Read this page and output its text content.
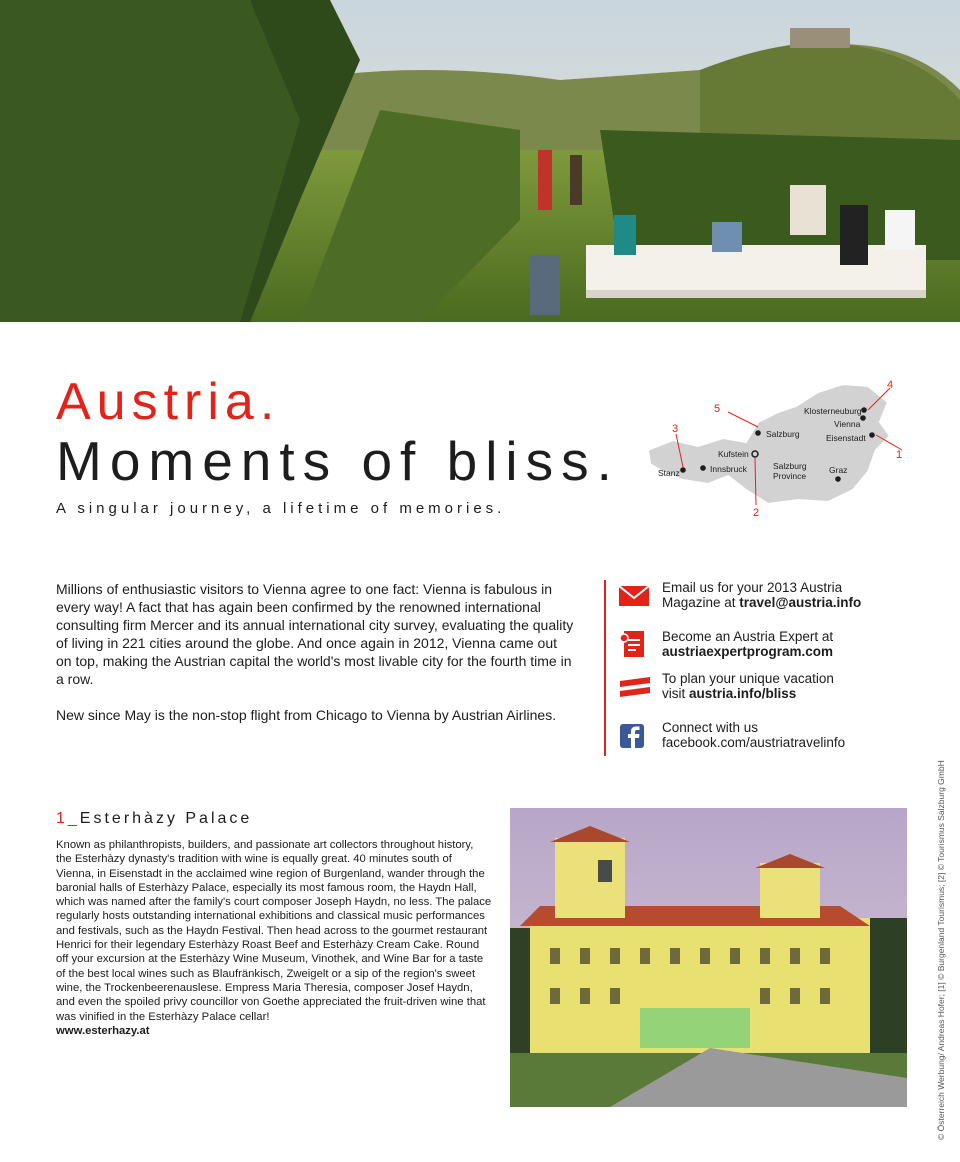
Austria.
Moments of bliss.
A singular journey, a lifetime of memories.
Klosterneuburg
Vienna
Eisenstadt
Salzburg
Kufstein
Innsbruck
Stanz
Salzburg
Province
Graz
4
5
3
1
2

Millions of enthusiastic visitors to Vienna agree to one fact: Vienna is fabulous in every way! A fact that has again been confirmed by the renowned international consulting firm Mercer and its annual international city survey, evaluating the quality of living in 221 cities around the globe. And once again in 2012, Vienna came out on top, making the Austrian capital the world's most livable city for the fourth time in a row.

New since May is the non-stop flight from Chicago to Vienna by Austrian Airlines.

Email us for your 2013 Austria
Magazine at travel@austria.info
Become an Austria Expert at
austriaexpertprogram.com
To plan your unique vacation
visit austria.info/bliss
Connect with us
facebook.com/austriatravelinfo
1_Esterhàzy Palace
Known as philanthropists, builders, and passionate art collectors throughout history, the Esterhàzy dynasty's tradition with wine is equally great. 40 minutes south of Vienna, in Eisenstadt in the acclaimed wine region of Burgenland, wander through the baronial halls of Esterhàzy Palace, especially its most famous room, the Haydn Hall, which was named after the family's court composer Joseph Haydn, no less. The palace regularly hosts outstanding international exhibitions and classical music performances and festivals, such as the Haydn Festival. Then head across to the gourmet restaurant Henrici for their legendary Esterhàzy Roast Beef and Esterhàzy Cream Cake. Round off your excursion at the Esterhàzy Wine Museum, Vinothek, and Wine Bar for a taste of the best local wines such as Blaufränkisch, Zweigelt or a sip of the region's sweet wine, the Trockenbeerenauslese. Empress Maria Theresia, composer Josef Haydn, and even the spoiled privy councillor von Goethe appreciated the fruit-driven wine that was vinified in the Esterhàzy Palace cellar!
www.esterhazy.at	© Österreich Werbung/ Andreas Hofer; [1] © Burgenland Tourismus; [2] © Tourismus Salzburg GmbH
